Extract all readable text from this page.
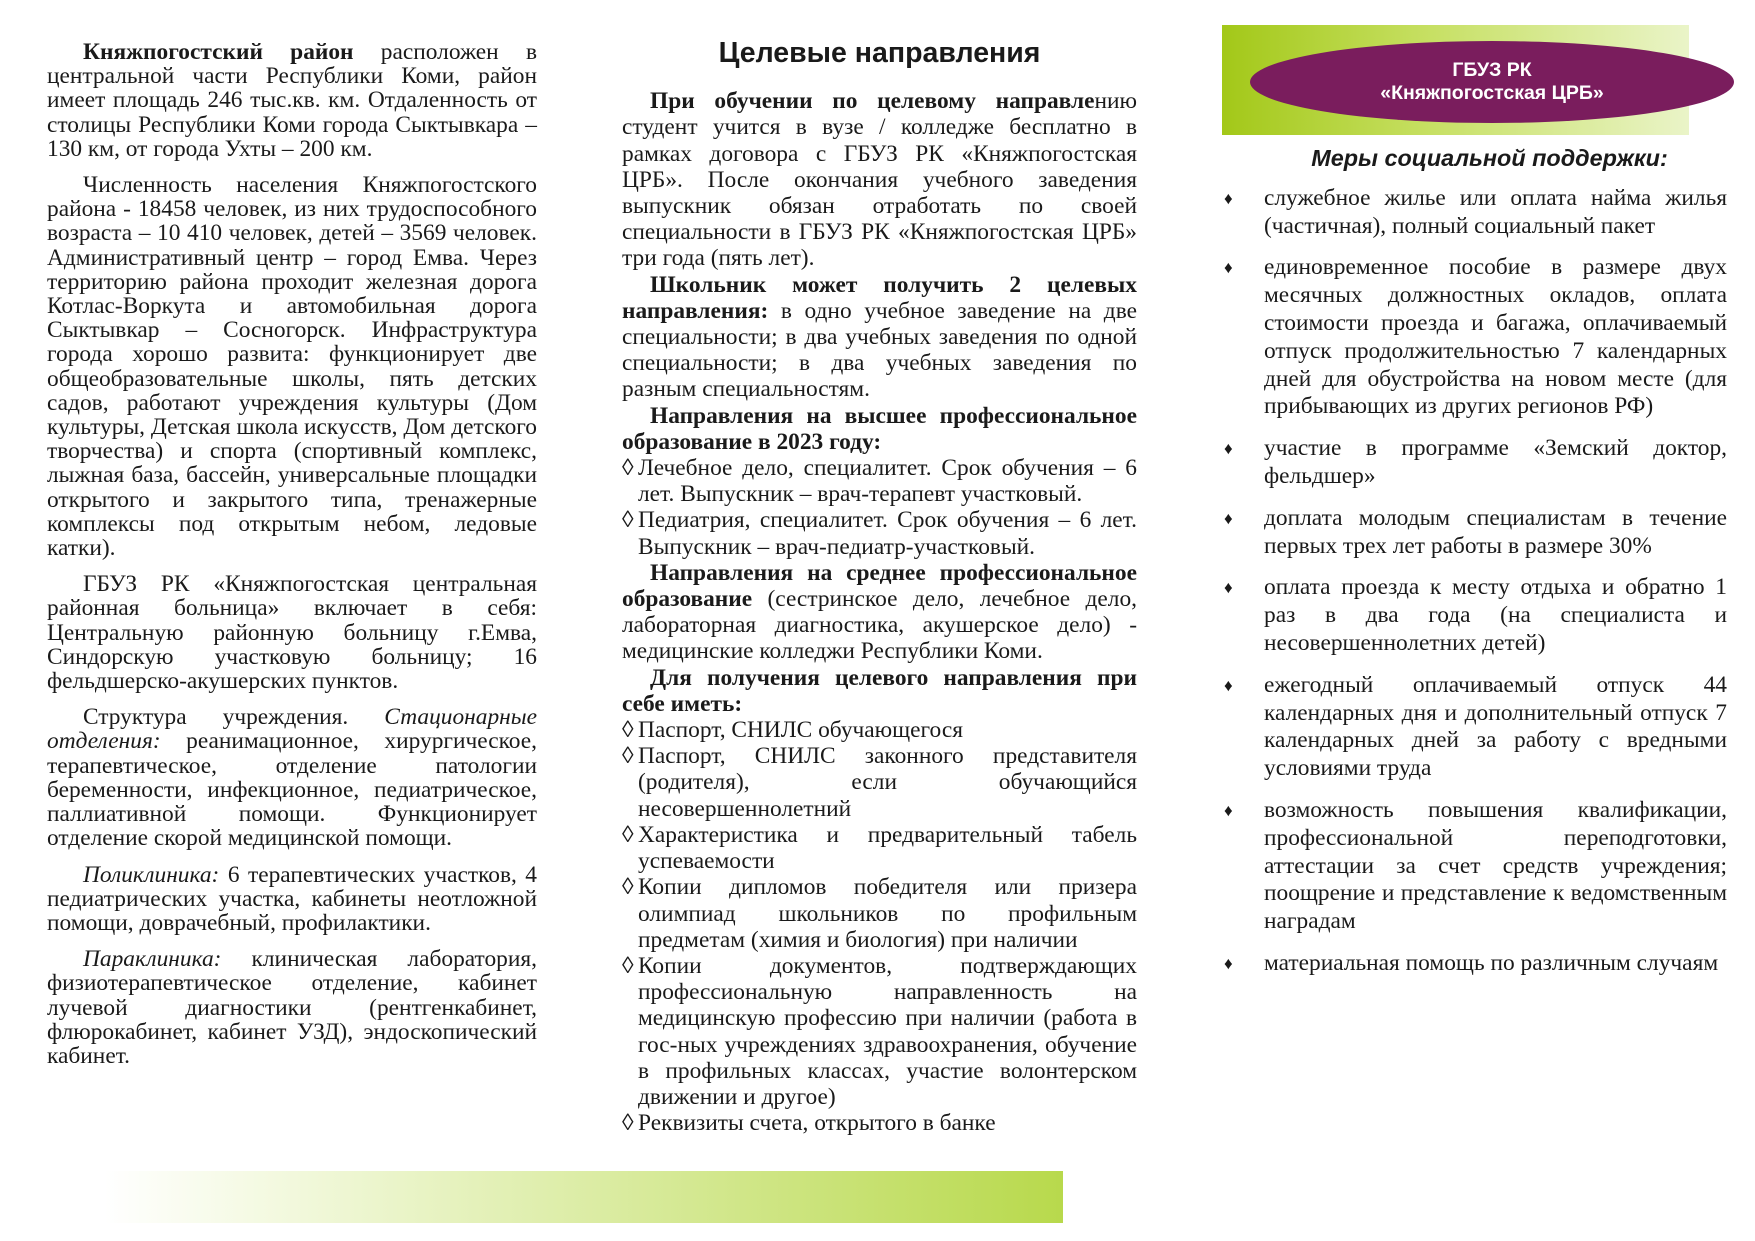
Княжпогостский район расположен в центральной части Республики Коми, район имеет площадь 246 тыс.кв. км. Отдаленность от столицы Республики Коми города Сыктывкара – 130 км, от города Ухты – 200 км.

Численность населения Княжпогостского района - 18458 человек, из них трудоспособного возраста – 10 410 человек, детей – 3569 человек. Административный центр – город Емва. Через территорию района проходит железная дорога Котлас-Воркута и автомобильная дорога Сыктывкар – Сосногорск. Инфраструктура города хорошо развита: функционирует две общеобразовательные школы, пять детских садов, работают учреждения культуры (Дом культуры, Детская школа искусств, Дом детского творчества) и спорта (спортивный комплекс, лыжная база, бассейн, универсальные площадки открытого и закрытого типа, тренажерные комплексы под открытым небом, ледовые катки).

ГБУЗ РК «Княжпогостская центральная районная больница» включает в себя: Центральную районную больницу г.Емва, Синдорскую участковую больницу; 16 фельдшерско-акушерских пунктов.

Структура учреждения. Стационарные отделения: реанимационное, хирургическое, терапевтическое, отделение патологии беременности, инфекционное, педиатрическое, паллиативной помощи. Функционирует отделение скорой медицинской помощи.

Поликлиника: 6 терапевтических участков, 4 педиатрических участка, кабинеты неотложной помощи, доврачебный, профилактики.

Параклиника: клиническая лаборатория, физиотерапевтическое отделение, кабинет лучевой диагностики (рентгенкабинет, флюрокабинет, кабинет УЗД), эндоскопический кабинет.

Целевые направления

При обучении по целевому направлению студент учится в вузе / колледже бесплатно в рамках договора с ГБУЗ РК «Княжпогостская ЦРБ». После окончания учебного заведения выпускник обязан отработать по своей специальности в ГБУЗ РК «Княжпогостская ЦРБ» три года (пять лет).

Школьник может получить 2 целевых направления: в одно учебное заведение на две специальности; в два учебных заведения по одной специальности; в два учебных заведения по разным специальностям.

Направления на высшее профессиональное образование в 2023 году:

◊ Лечебное дело, специалитет. Срок обучения – 6 лет. Выпускник – врач-терапевт участковый.
◊ Педиатрия, специалитет. Срок обучения – 6 лет. Выпускник – врач-педиатр-участковый.

Направления на среднее профессиональное образование (сестринское дело, лечебное дело, лабораторная диагностика, акушерское дело) - медицинские колледжи Республики Коми.

Для получения целевого направления при себе иметь:

◊ Паспорт, СНИЛС обучающегося
◊ Паспорт, СНИЛС законного представителя (родителя), если обучающийся несовершеннолетний
◊ Характеристика и предварительный табель успеваемости
◊ Копии дипломов победителя или призера олимпиад школьников по профильным предметам (химия и биология) при наличии
◊ Копии документов, подтверждающих профессиональную направленность на медицинскую профессию при наличии (работа в гос-ных учреждениях здравоохранения, обучение в профильных классах, участие волонтерском движении и другое)
◊ Реквизиты счета, открытого в банке
ГБУЗ РК
«Княжпогостская ЦРБ»
Меры социальной поддержки:
♦ служебное жилье или оплата найма жилья (частичная), полный социальный пакет
♦ единовременное пособие в размере двух месячных должностных окладов, оплата стоимости проезда и багажа, оплачиваемый отпуск продолжительностью 7 календарных дней для обустройства на новом месте (для прибывающих из других регионов РФ)
♦ участие в программе «Земский доктор, фельдшер»
♦ доплата молодым специалистам в течение первых трех лет работы в размере 30%
♦ оплата проезда к месту отдыха и обратно 1 раз в два года (на специалиста и несовершеннолетних детей)
♦ ежегодный оплачиваемый отпуск 44 календарных дня и дополнительный отпуск 7 календарных дней за работу с вредными условиями труда
♦ возможность повышения квалификации, профессиональной переподготовки, аттестации за счет средств учреждения; поощрение и представление к ведомственным наградам
♦ материальная помощь по различным случаям
